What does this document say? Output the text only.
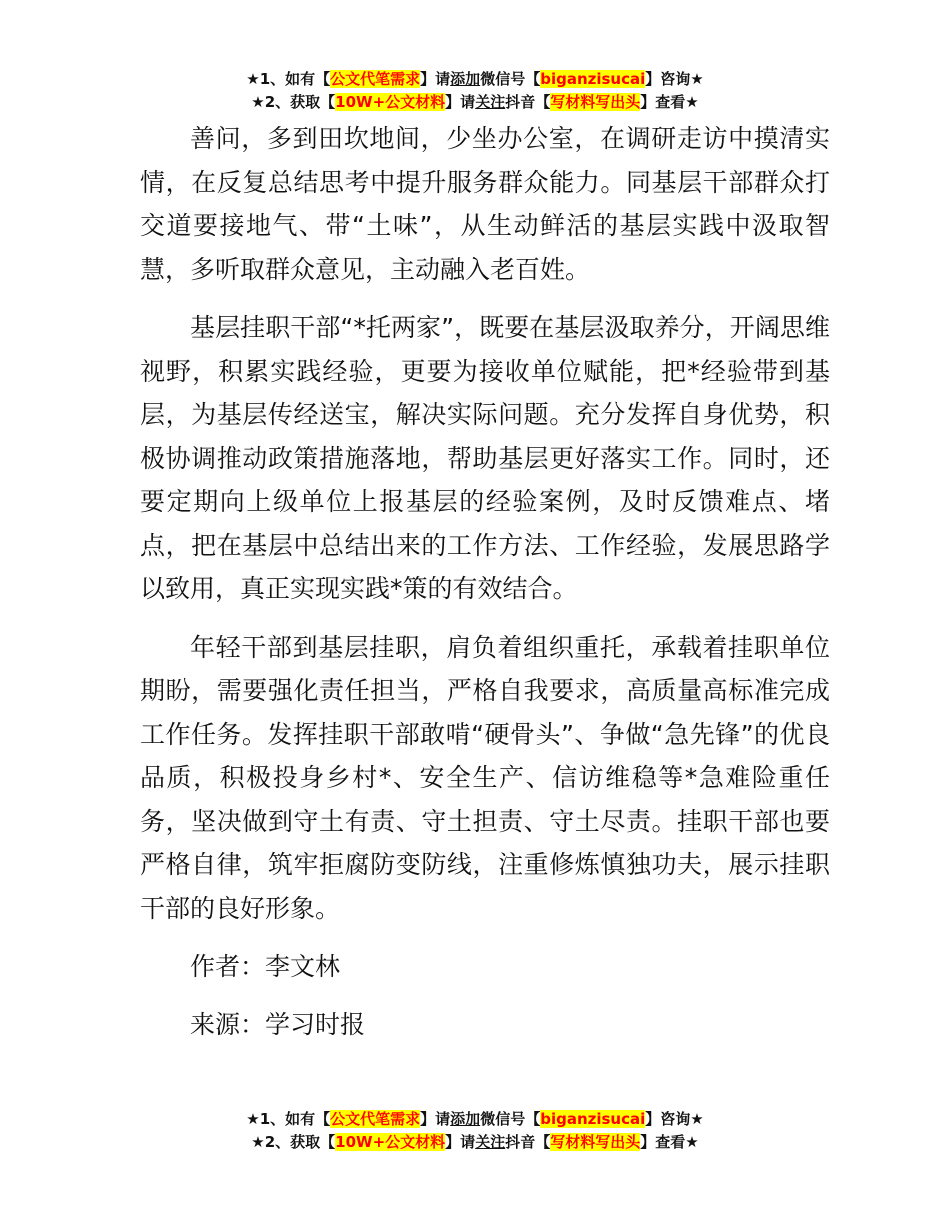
★1、如有【公文代笔需求】请添加微信号【biganzisucai】咨询★
★2、获取【10W+公文材料】请关注抖音【写材料写出头】查看★

善问，多到田坎地间，少坐办公室，在调研走访中摸清实情，在反复总结思考中提升服务群众能力。同基层干部群众打交道要接地气、带“土味”，从生动鲜活的基层实践中汲取智慧，多听取群众意见，主动融入老百姓。

基层挂职干部“*托两家”，既要在基层汲取养分，开阔思维视野，积累实践经验，更要为接收单位赋能，把*经验带到基层，为基层传经送宝，解决实际问题。充分发挥自身优势，积极协调推动政策措施落地，帮助基层更好落实工作。同时，还要定期向上级单位上报基层的经验案例，及时反馈难点、堵点，把在基层中总结出来的工作方法、工作经验，发展思路学以致用，真正实现实践*策的有效结合。

年轻干部到基层挂职，肩负着组织重托，承载着挂职单位期盼，需要强化责任担当，严格自我要求，高质量高标准完成工作任务。发挥挂职干部敢啃“硬骨头”、争做“急先锋”的优良品质，积极投身乡村*、安全生产、信访维稳等*急难险重任务，坚决做到守土有责、守土担责、守土尽责。挂职干部也要严格自律，筑牢拒腐防变防线，注重修炼慎独功夫，展示挂职干部的良好形象。

作者：李文林

来源：学习时报

★1、如有【公文代笔需求】请添加微信号【biganzisucai】咨询★
★2、获取【10W+公文材料】请关注抖音【写材料写出头】查看★
